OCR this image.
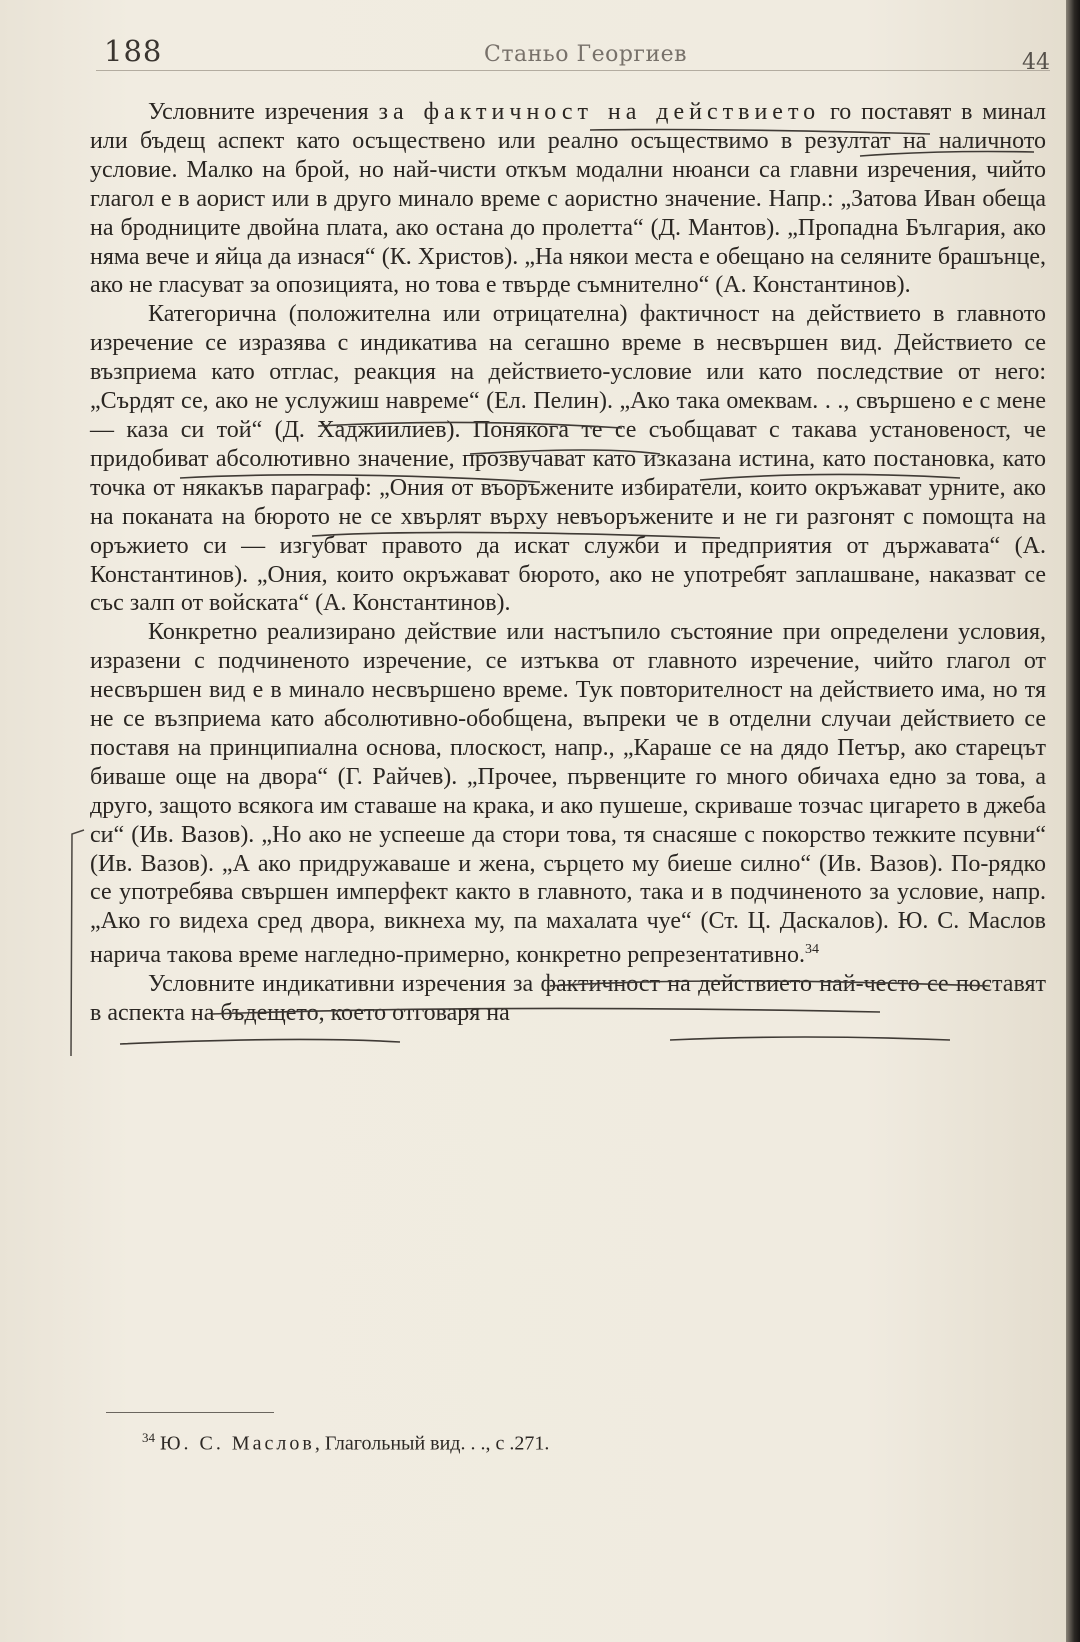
188	Станьо Георгиев	44

Условните изречения за фактичност на действието го поставят в минал или бъдещ аспект като осъществено или реално осъществимо в резултат на наличното условие. Малко на брой, но най-чисти откъм модални нюанси са главни изречения, чийто глагол е в аорист или в друго минало време с аористно значение. Напр.: „Затова Иван обеща на бродниците двойна плата, ако остана до пролетта“ (Д. Мантов). „Пропадна България, ако няма вече и яйца да изнася“ (К. Христов). „На някои места е обещано на селяните брашънце, ако не гласуват за опозицията, но това е твърде съмнително“ (А. Константинов).

Категорична (положителна или отрицателна) фактичност на действието в главното изречение се изразява с индикатива на сегашно време в несвършен вид. Действието се възприема като отглас, реакция на действието-условие или като последствие от него: „Сърдят се, ако не услужиш навреме“ (Ел. Пелин). „Ако така омеквам. . ., свършено е с мене — каза си той“ (Д. Хаджиилиев). Понякога те се съобщават с такава установеност, че придобиват абсолютивно значение, прозвучават като изказана истина, като постановка, като точка от някакъв параграф: „Ония от въоръжените избиратели, които окръжават урните, ако на поканата на бюрото не се хвърлят върху невъоръжените и не ги разгонят с помощта на оръжието си — изгубват правото да искат служби и предприятия от държавата“ (А. Константинов). „Ония, които окръжават бюрото, ако не употребят заплашване, наказват се със залп от войската“ (А. Константинов).

Конкретно реализирано действие или настъпило състояние при определени условия, изразени с подчиненото изречение, се изтъква от главното изречение, чийто глагол от несвършен вид е в минало несвършено време. Тук повторителност на действието има, но тя не се възприема като абсолютивно-обобщена, въпреки че в отделни случаи действието се поставя на принципиална основа, плоскост, напр., „Караше се на дядо Петър, ако старецът биваше още на двора“ (Г. Райчев). „Прочее, първенците го много обичаха едно за това, а друго, защото всякога им ставаше на крака, и ако пушеше, скриваше тозчас цигарето в джеба си“ (Ив. Вазов). „Но ако не успееше да стори това, тя снасяше с покорство тежките псувни“ (Ив. Вазов). „А ако придружаваше и жена, сърцето му биеше силно“ (Ив. Вазов). По-рядко се употребява свършен имперфект както в главното, така и в подчиненото за условие, напр. „Ако го видеха сред двора, викнеха му, па махалата чуе“ (Ст. Ц. Даскалов). Ю. С. Маслов нарича такова време нагледно-примерно, конкретно репрезентативно.$^{34}$

Условните индикативни изречения за фактичност на действието най-често се поставят в аспекта на бъдещето, което отговаря на

$^{34}$ Ю. С. Маслов, Глагольный вид. . ., с .271.
